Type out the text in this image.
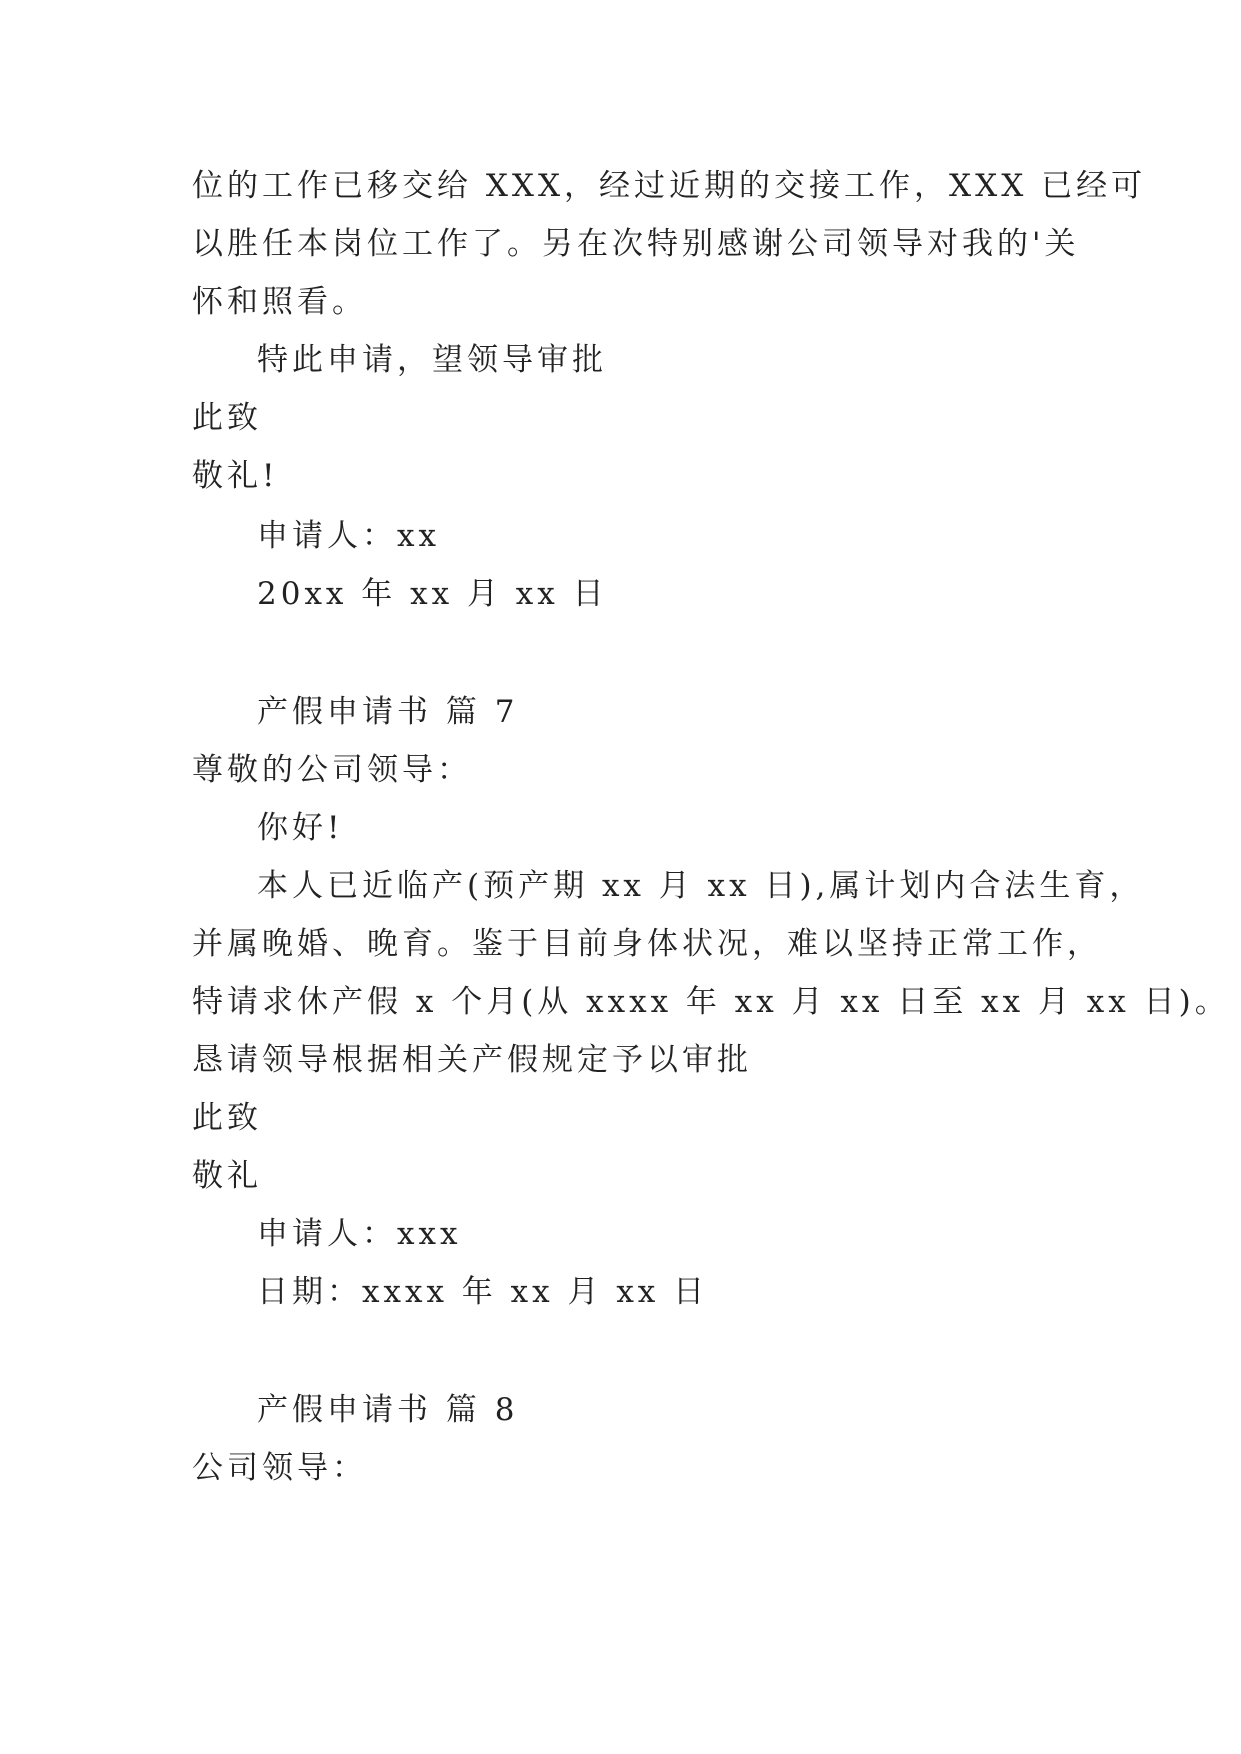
位的工作已移交给 XXX，经过近期的交接工作，XXX 已经可
以胜任本岗位工作了。另在次特别感谢公司领导对我的'关
怀和照看。
特此申请，望领导审批
此致
敬礼!
申请人：xx
20xx 年 xx 月 xx 日
产假申请书 篇 7
尊敬的公司领导：
你好!
本人已近临产(预产期 xx 月 xx 日),属计划内合法生育，
并属晚婚、晚育。鉴于目前身体状况，难以坚持正常工作，
特请求休产假 x 个月(从 xxxx 年 xx 月 xx 日至 xx 月 xx 日)。
恳请领导根据相关产假规定予以审批
此致
敬礼
申请人：xxx
日期：xxxx 年 xx 月 xx 日
产假申请书 篇 8
公司领导：
